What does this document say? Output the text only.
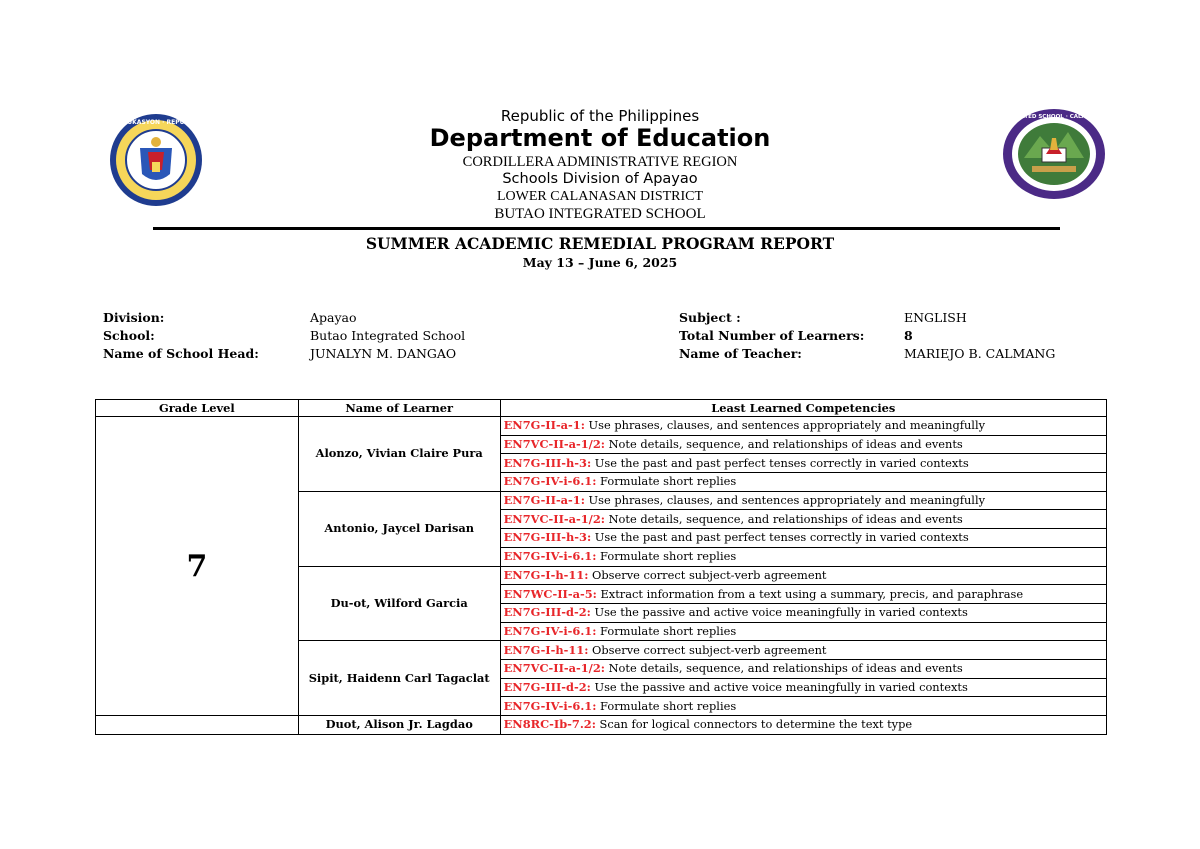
KAGAWARAN NG EDUKASYON · REPUBLIKA NG PILIPINAS
BUTAO INTEGRATED SCHOOL · CALANASAN APAYAO
Republic of the Philippines
Department of Education
CORDILLERA ADMINISTRATIVE REGION
Schools Division of Apayao
LOWER CALANASAN DISTRICT
BUTAO INTEGRATED SCHOOL
SUMMER ACADEMIC REMEDIAL PROGRAM REPORT
May 13 – June 6, 2025
Division:	Apayao
School:	Butao Integrated School
Name of School Head:	JUNALYN M. DANGAO
Subject :	ENGLISH
Total Number of Learners:	8
Name of Teacher:	MARIEJO B. CALMANG
Grade Level	Name of Learner	Least Learned Competencies
7	Alonzo, Vivian Claire Pura	EN7G-II-a-1: Use phrases, clauses, and sentences appropriately and meaningfully
		EN7VC-II-a-1/2: Note details, sequence, and relationships of ideas and events
		EN7G-III-h-3: Use the past and past perfect tenses correctly in varied contexts
		EN7G-IV-i-6.1: Formulate short replies
	Antonio, Jaycel Darisan	EN7G-II-a-1: Use phrases, clauses, and sentences appropriately and meaningfully
		EN7VC-II-a-1/2: Note details, sequence, and relationships of ideas and events
		EN7G-III-h-3: Use the past and past perfect tenses correctly in varied contexts
		EN7G-IV-i-6.1: Formulate short replies
	Du-ot, Wilford Garcia	EN7G-I-h-11: Observe correct subject-verb agreement
		EN7WC-II-a-5: Extract information from a text using a summary, precis, and paraphrase
		EN7G-III-d-2: Use the passive and active voice meaningfully in varied contexts
		EN7G-IV-i-6.1: Formulate short replies
	Sipit, Haidenn Carl Tagaclat	EN7G-I-h-11: Observe correct subject-verb agreement
		EN7VC-II-a-1/2: Note details, sequence, and relationships of ideas and events
		EN7G-III-d-2: Use the passive and active voice meaningfully in varied contexts
		EN7G-IV-i-6.1: Formulate short replies
	Duot, Alison Jr. Lagdao	EN8RC-Ib-7.2: Scan for logical connectors to determine the text type
